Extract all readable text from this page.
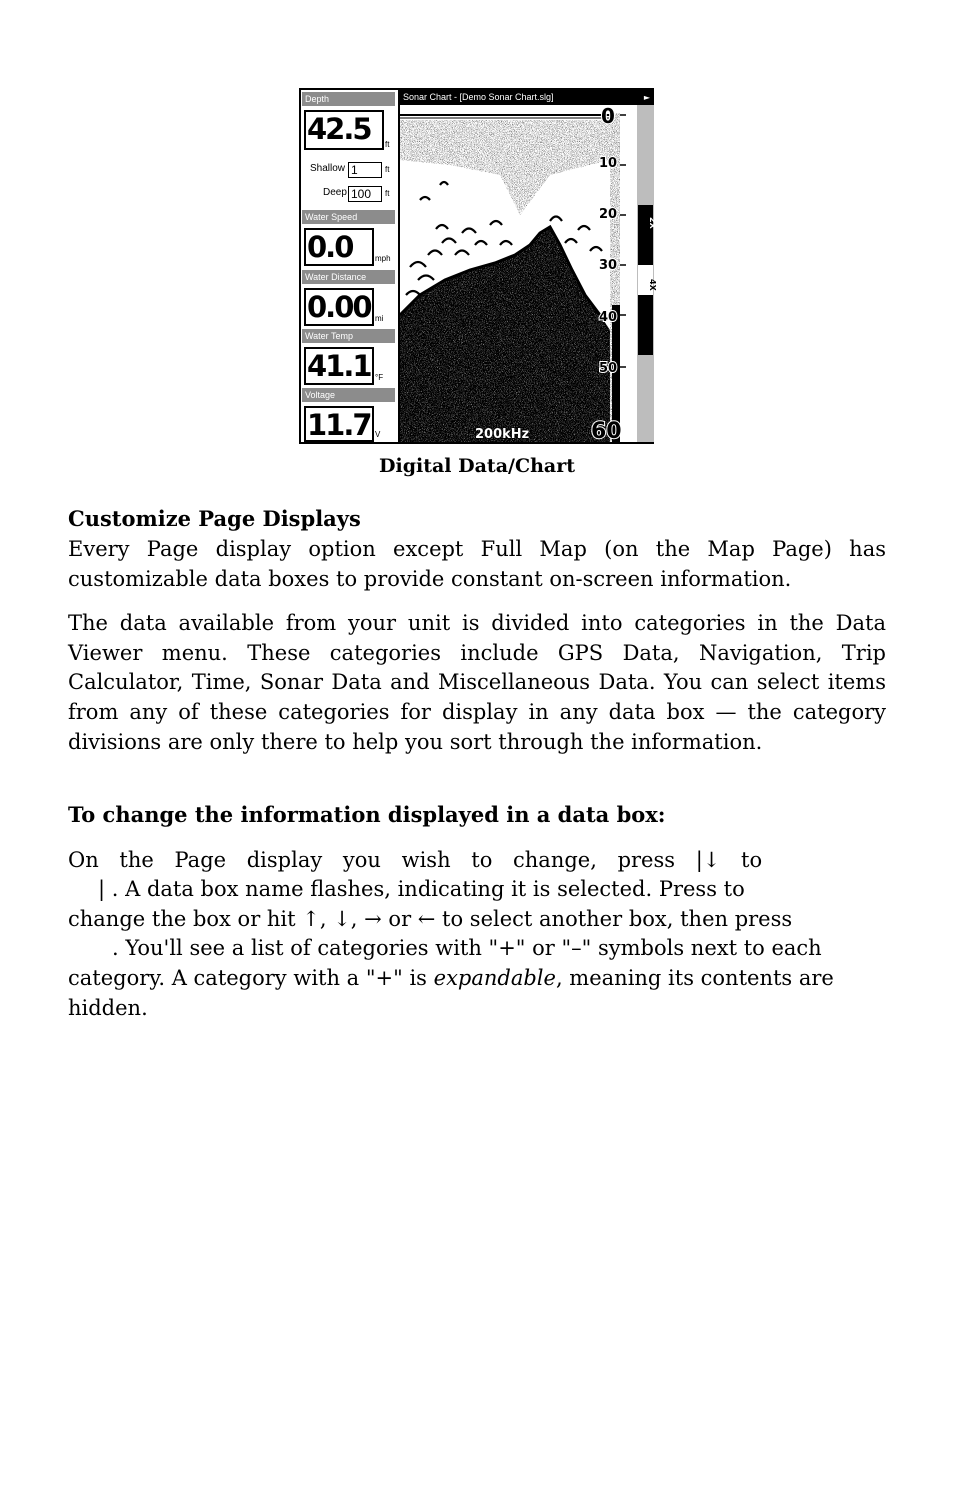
Depth
42.5	ft
Shallow 1	ft
Deep 100	ft
Water Speed
0.0	mph
Water Distance
0.00 mi
Water Temp
41.1 °F
Voltage
11.7 V
Sonar Chart - [Demo Sonar Chart.slg]	►
0
10
20
30
40
50
60
2X
4X
200kHz
Digital Data/Chart
Customize Page Displays
Every Page display option except Full Map (on the Map Page) has customizable data boxes to provide constant on-screen information.
The data available from your unit is divided into categories in the Data Viewer menu. These categories include GPS Data, Navigation, Trip Calculator, Time, Sonar Data and Miscellaneous Data. You can select items from any of these categories for display in any data box — the category divisions are only there to help you sort through the information.
To change the information displayed in a data box:
On the Page display you wish to change, press |↓ to
| . A data box name flashes, indicating it is selected. Press to
change the box or hit ↑, ↓, → or ← to select another box, then press
. You'll see a list of categories with "+" or "–" symbols next to each
category. A category with a "+" is expandable, meaning its contents are
hidden.
